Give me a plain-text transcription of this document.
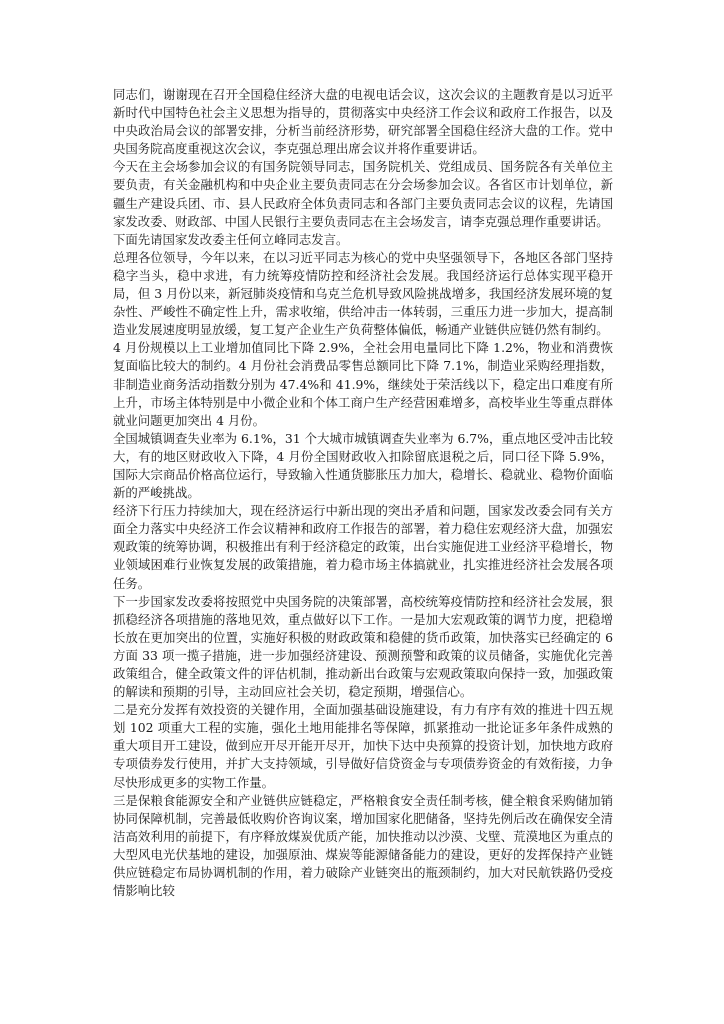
同志们，谢谢现在召开全国稳住经济大盘的电视电话会议，这次会议的主题教育是以习近平新时代中国特色社会主义思想为指导的，贯彻落实中央经济工作会议和政府工作报告，以及中央政治局会议的部署安排，分析当前经济形势，研究部署全国稳住经济大盘的工作。党中央国务院高度重视这次会议，李克强总理出席会议并将作重要讲话。

今天在主会场参加会议的有国务院领导同志，国务院机关、党组成员、国务院各有关单位主要负责，有关金融机构和中央企业主要负责同志在分会场参加会议。各省区市计划单位，新疆生产建设兵团、市、县人民政府全体负责同志和各部门主要负责同志会议的议程，先请国家发改委、财政部、中国人民银行主要负责同志在主会场发言，请李克强总理作重要讲话。

下面先请国家发改委主任何立峰同志发言。

总理各位领导，今年以来，在以习近平同志为核心的党中央坚强领导下，各地区各部门坚持稳字当头，稳中求进，有力统筹疫情防控和经济社会发展。我国经济运行总体实现平稳开局，但 3 月份以来，新冠肺炎疫情和乌克兰危机导致风险挑战增多，我国经济发展环境的复杂性、严峻性不确定性上升，需求收缩，供给冲击一体转弱，三重压力进一步加大，提高制造业发展速度明显放缓，复工复产企业生产负荷整体偏低，畅通产业链供应链仍然有制约。

4 月份规模以上工业增加值同比下降 2.9%，全社会用电量同比下降 1.2%，物业和消费恢复面临比较大的制约。4 月份社会消费品零售总额同比下降 7.1%，制造业采购经理指数，非制造业商务活动指数分别为 47.4%和 41.9%，继续处于荣活线以下，稳定出口难度有所上升，市场主体特别是中小微企业和个体工商户生产经营困难增多，高校毕业生等重点群体就业问题更加突出 4 月份。

全国城镇调查失业率为 6.1%，31 个大城市城镇调查失业率为 6.7%，重点地区受冲击比较大，有的地区财政收入下降，4 月份全国财政收入扣除留底退税之后，同口径下降 5.9%，国际大宗商品价格高位运行，导致输入性通货膨胀压力加大，稳增长、稳就业、稳物价面临新的严峻挑战。

经济下行压力持续加大，现在经济运行中新出现的突出矛盾和问题，国家发改委会同有关方面全力落实中央经济工作会议精神和政府工作报告的部署，着力稳住宏观经济大盘，加强宏观政策的统筹协调，积极推出有利于经济稳定的政策，出台实施促进工业经济平稳增长，物业领域困难行业恢复发展的政策措施，着力稳市场主体搞就业，扎实推进经济社会发展各项任务。

下一步国家发改委将按照党中央国务院的决策部署，高校统筹疫情防控和经济社会发展，狠抓稳经济各项措施的落地见效，重点做好以下工作。一是加大宏观政策的调节力度，把稳增长放在更加突出的位置，实施好积极的财政政策和稳健的货币政策，加快落实已经确定的 6 方面 33 项一揽子措施，进一步加强经济建设、预测预警和政策的议员储备，实施优化完善政策组合，健全政策文件的评估机制，推动新出台政策与宏观政策取向保持一致，加强政策的解读和预期的引导，主动回应社会关切，稳定预期，增强信心。

二是充分发挥有效投资的关键作用，全面加强基础设施建设，有力有序有效的推进十四五规划 102 项重大工程的实施，强化土地用能排名等保障，抓紧推动一批论证多年条件成熟的重大项目开工建设，做到应开尽开能开尽开，加快下达中央预算的投资计划，加快地方政府专项债券发行使用，并扩大支持领域，引导做好信贷资金与专项债券资金的有效衔接，力争尽快形成更多的实物工作量。

三是保粮食能源安全和产业链供应链稳定，严格粮食安全责任制考核，健全粮食采购储加销协同保障机制，完善最低收购价咨询议案，增加国家化肥储备，坚持先例后改在确保安全清洁高效利用的前提下，有序释放煤炭优质产能，加快推动以沙漠、戈壁、荒漠地区为重点的大型风电光伏基地的建设，加强原油、煤炭等能源储备能力的建设，更好的发挥保持产业链供应链稳定布局协调机制的作用，着力破除产业链突出的瓶颈制约，加大对民航铁路仍受疫情影响比较
